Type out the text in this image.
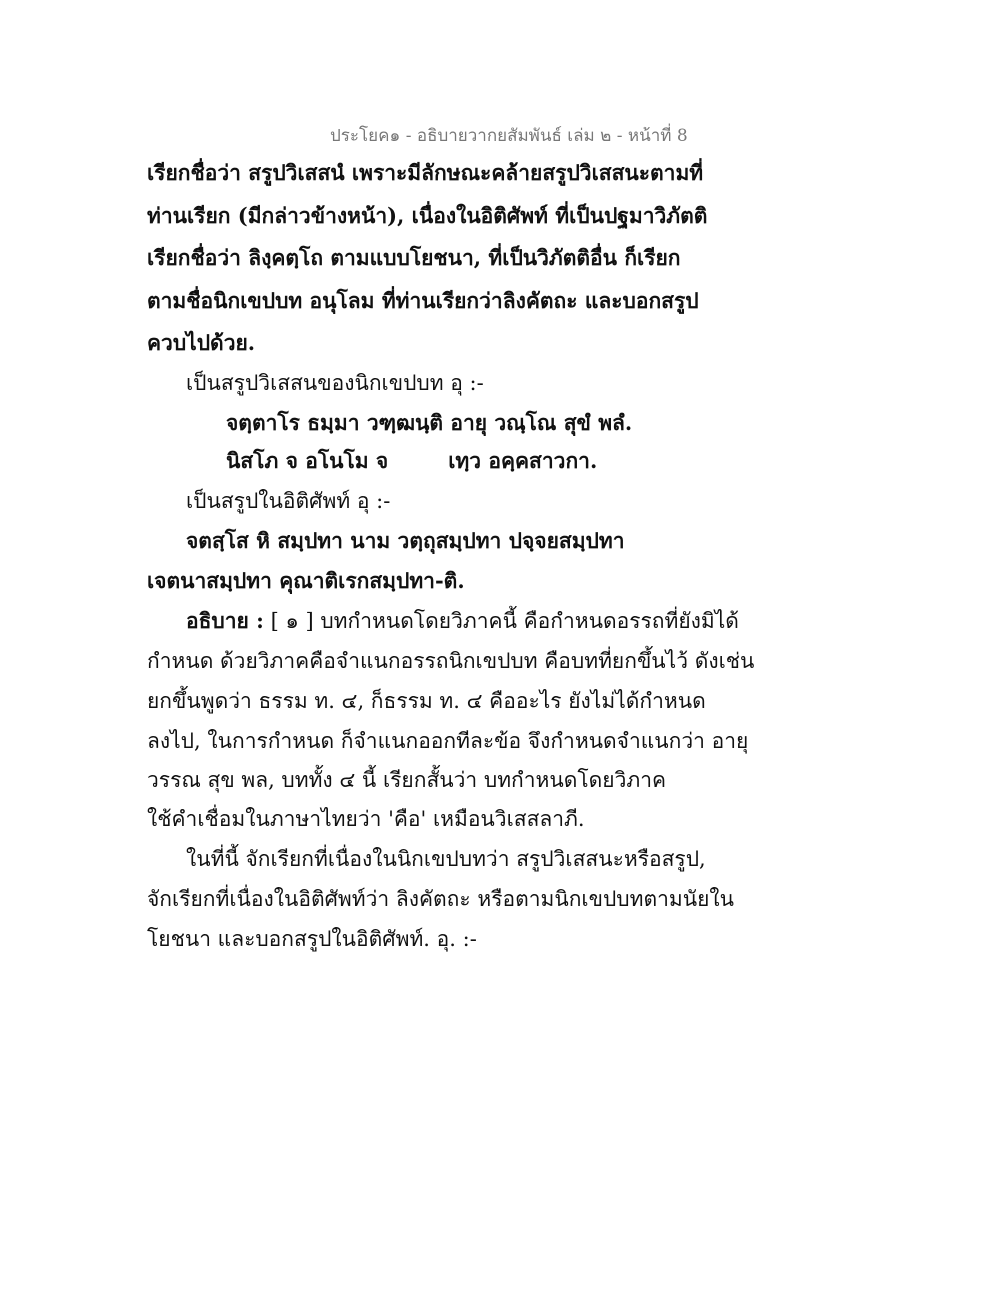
ประโยค๑ - อธิบายวากยสัมพันธ์ เล่ม ๒ - หน้าที่ 8
เรียกชื่อว่า สรูปวิเสสนํ เพราะมีลักษณะคล้ายสรูปวิเสสนะตามที่
ท่านเรียก (มีกล่าวข้างหน้า), เนื่องในอิติศัพท์ ที่เป็นปฐมาวิภัตติ
เรียกชื่อว่า ลิงฺคตฺโถ ตามแบบโยชนา, ที่เป็นวิภัตติอื่น ก็เรียก
ตามชื่อนิกเขปบท อนุโลม ที่ท่านเรียกว่าลิงคัตถะ และบอกสรูป
ควบไปด้วย.
เป็นสรูปวิเสสนของนิกเขปบท อุ :-
จตฺตาโร ธมฺมา วฑฺฒนฺติ อายุ วณฺโณ สุขํ พลํ.
นิสโภ จ อโนโม จ	เทฺว อคฺคสาวกา.
เป็นสรูปในอิติศัพท์ อุ :-
จตสฺโส หิ สมฺปทา นาม วตฺถุสมฺปทา ปจฺจยสมฺปทา
เจตนาสมฺปทา คุณาติเรกสมฺปทา-ติ.
อธิบาย : [ ๑ ] บทกำหนดโดยวิภาคนี้ คือกำหนดอรรถที่ยังมิได้
กำหนด ด้วยวิภาคคือจำแนกอรรถนิกเขปบท คือบทที่ยกขึ้นไว้ ดังเช่น
ยกขึ้นพูดว่า ธรรม ท. ๔, ก็ธรรม ท. ๔ คืออะไร ยังไม่ได้กำหนด
ลงไป, ในการกำหนด ก็จำแนกออกทีละข้อ จึงกำหนดจำแนกว่า อายุ
วรรณ สุข พล, บททั้ง ๔ นี้ เรียกสั้นว่า บทกำหนดโดยวิภาค
ใช้คำเชื่อมในภาษาไทยว่า 'คือ' เหมือนวิเสสลาภี.
ในที่นี้ จักเรียกที่เนื่องในนิกเขปบทว่า สรูปวิเสสนะหรือสรูป,
จักเรียกที่เนื่องในอิติศัพท์ว่า ลิงคัตถะ หรือตามนิกเขปบทตามนัยใน
โยชนา และบอกสรูปในอิติศัพท์. อุ. :-
